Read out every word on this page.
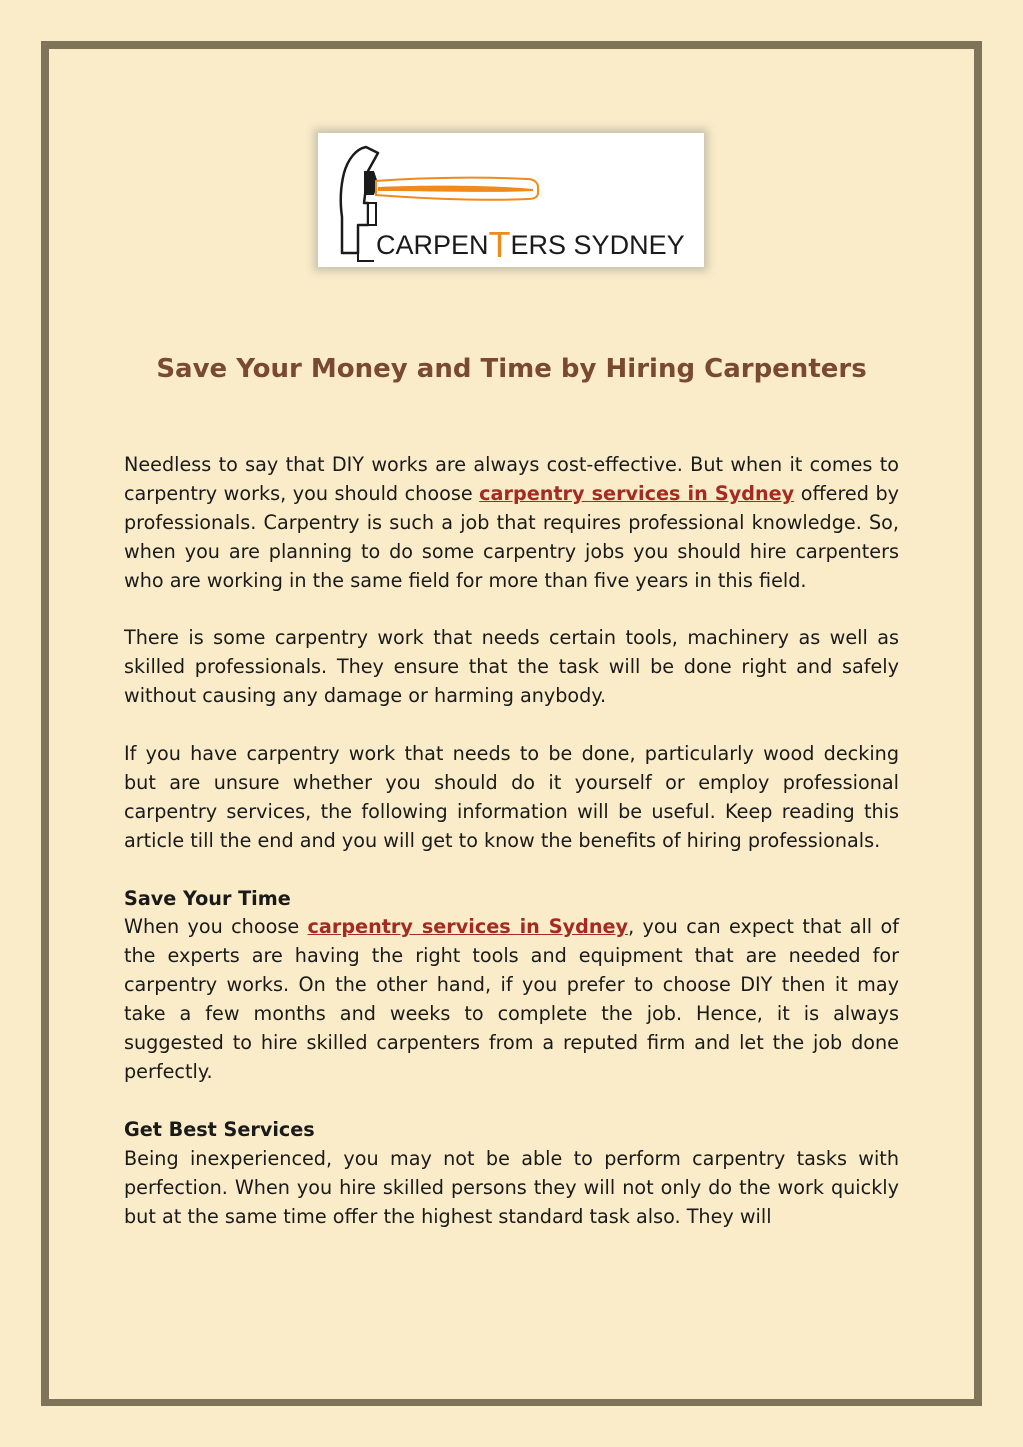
CARPENTERS SYDNEY
Save Your Money and Time by Hiring Carpenters

Needless to say that DIY works are always cost-effective. But when it comes to carpentry works, you should choose carpentry services in Sydney offered by professionals. Carpentry is such a job that requires professional knowledge. So, when you are planning to do some carpentry jobs you should hire carpenters who are working in the same field for more than five years in this field.

There is some carpentry work that needs certain tools, machinery as well as skilled professionals. They ensure that the task will be done right and safely without causing any damage or harming anybody.

If you have carpentry work that needs to be done, particularly wood decking but are unsure whether you should do it yourself or employ professional carpentry services, the following information will be useful. Keep reading this article till the end and you will get to know the benefits of hiring professionals.

Save Your Time

When you choose carpentry services in Sydney, you can expect that all of the experts are having the right tools and equipment that are needed for carpentry works. On the other hand, if you prefer to choose DIY then it may take a few months and weeks to complete the job. Hence, it is always suggested to hire skilled carpenters from a reputed firm and let the job done perfectly.

Get Best Services

Being inexperienced, you may not be able to perform carpentry tasks with perfection. When you hire skilled persons they will not only do the work quickly but at the same time offer the highest standard task also. They will
